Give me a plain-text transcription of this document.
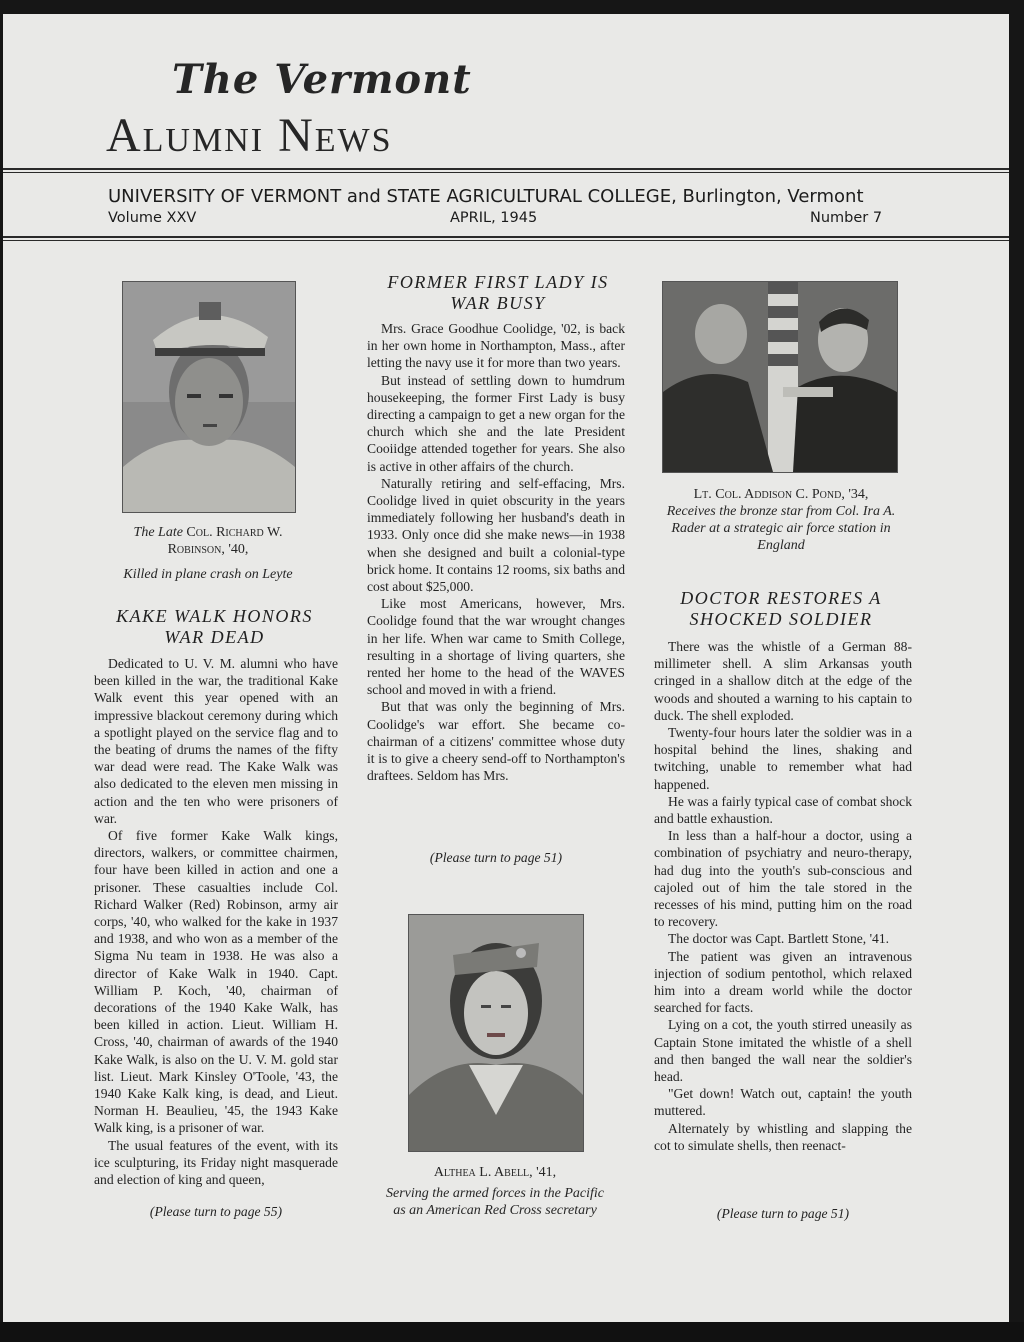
The Vermont
Alumni News
UNIVERSITY OF VERMONT and STATE AGRICULTURAL COLLEGE, Burlington, Vermont
Volume XXV	APRIL, 1945	Number 7
The Late Col. Richard W.
Robinson, '40,
Killed in plane crash on Leyte
KAKE WALK HONORS
WAR DEAD

Dedicated to U. V. M. alumni who have been killed in the war, the traditional Kake Walk event this year opened with an impressive blackout ceremony during which a spotlight played on the service flag and to the beating of drums the names of the fifty war dead were read. The Kake Walk was also dedicated to the eleven men missing in action and the ten who were prisoners of war.

Of five former Kake Walk kings, directors, walkers, or committee chairmen, four have been killed in action and one a prisoner. These casualties include Col. Richard Walker (Red) Robinson, army air corps, '40, who walked for the kake in 1937 and 1938, and who won as a member of the Sigma Nu team in 1938. He was also a director of Kake Walk in 1940. Capt. William P. Koch, '40, chairman of decorations of the 1940 Kake Walk, has been killed in action. Lieut. William H. Cross, '40, chairman of awards of the 1940 Kake Walk, is also on the U. V. M. gold star list. Lieut. Mark Kinsley O'Toole, '43, the 1940 Kake Kalk king, is dead, and Lieut. Norman H. Beaulieu, '45, the 1943 Kake Walk king, is a prisoner of war.

The usual features of the event, with its ice sculpturing, its Friday night masquerade and election of king and queen,

(Please turn to page 55)
FORMER FIRST LADY IS
WAR BUSY

Mrs. Grace Goodhue Coolidge, '02, is back in her own home in Northampton, Mass., after letting the navy use it for more than two years.

But instead of settling down to humdrum housekeeping, the former First Lady is busy directing a campaign to get a new organ for the church which she and the late President Cooiidge attended together for years. She also is active in other affairs of the church.

Naturally retiring and self-effacing, Mrs. Coolidge lived in quiet obscurity in the years immediately following her husband's death in 1933. Only once did she make news—in 1938 when she designed and built a colonial-type brick home. It contains 12 rooms, six baths and cost about $25,000.

Like most Americans, however, Mrs. Coolidge found that the war wrought changes in her life. When war came to Smith College, resulting in a shortage of living quarters, she rented her home to the head of the WAVES school and moved in with a friend.

But that was only the beginning of Mrs. Coolidge's war effort. She became co-chairman of a citizens' committee whose duty it is to give a cheery send-off to Northampton's draftees. Seldom has Mrs.

(Please turn to page 51)
Althea L. Abell, '41,
Serving the armed forces in the Pacific
as an American Red Cross secretary
Lt. Col. Addison C. Pond, '34,
Receives the bronze star from Col. Ira A.
Rader at a strategic air force station in
England
DOCTOR RESTORES A
SHOCKED SOLDIER

There was the whistle of a German 88-millimeter shell. A slim Arkansas youth cringed in a shallow ditch at the edge of the woods and shouted a warning to his captain to duck. The shell exploded.

Twenty-four hours later the soldier was in a hospital behind the lines, shaking and twitching, unable to remember what had happened.

He was a fairly typical case of combat shock and battle exhaustion.

In less than a half-hour a doctor, using a combination of psychiatry and neuro-therapy, had dug into the youth's sub-conscious and cajoled out of him the tale stored in the recesses of his mind, putting him on the road to recovery.

The doctor was Capt. Bartlett Stone, '41.

The patient was given an intravenous injection of sodium pentothol, which relaxed him into a dream world while the doctor searched for facts.

Lying on a cot, the youth stirred uneasily as Captain Stone imitated the whistle of a shell and then banged the wall near the soldier's head.

"Get down! Watch out, captain! the youth muttered.

Alternately by whistling and slapping the cot to simulate shells, then reenact-

(Please turn to page 51)
